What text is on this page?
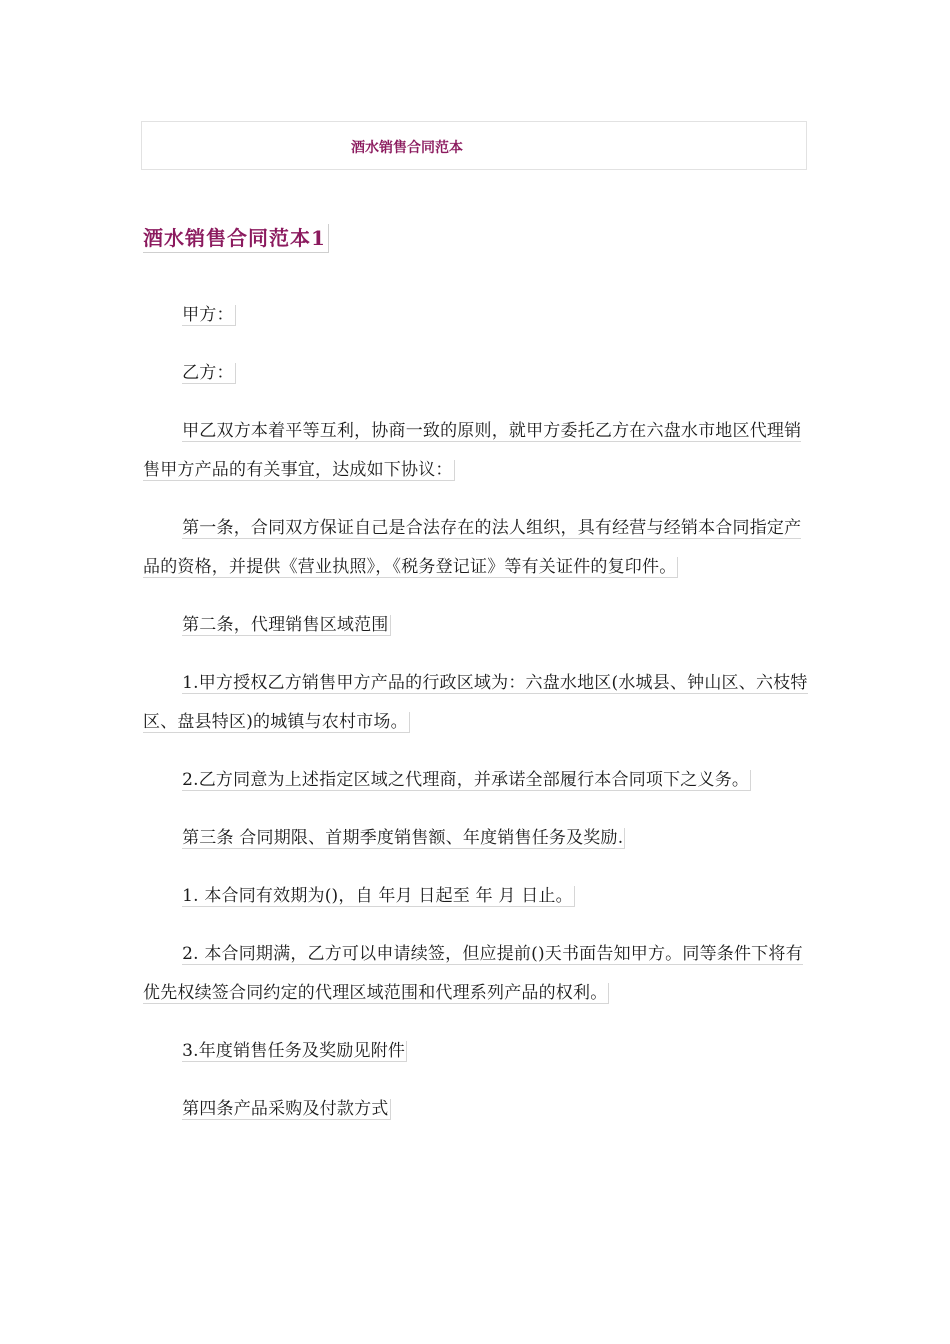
酒水销售合同范本
酒水销售合同范本1

甲方：

乙方：

甲乙双方本着平等互利，协商一致的原则，就甲方委托乙方在六盘水市地区代理销售甲方产品的有关事宜，达成如下协议：

第一条，合同双方保证自己是合法存在的法人组织，具有经营与经销本合同指定产品的资格，并提供《营业执照》，《税务登记证》等有关证件的复印件。

第二条，代理销售区域范围

1.甲方授权乙方销售甲方产品的行政区域为：六盘水地区(水城县、钟山区、六枝特区、盘县特区)的城镇与农村市场。

2.乙方同意为上述指定区域之代理商，并承诺全部履行本合同项下之义务。

第三条 合同期限、首期季度销售额、年度销售任务及奖励.

1. 本合同有效期为()，自 年月 日起至 年 月 日止。

2. 本合同期满，乙方可以申请续签，但应提前()天书面告知甲方。同等条件下将有优先权续签合同约定的代理区域范围和代理系列产品的权利。

3.年度销售任务及奖励见附件

第四条产品采购及付款方式
